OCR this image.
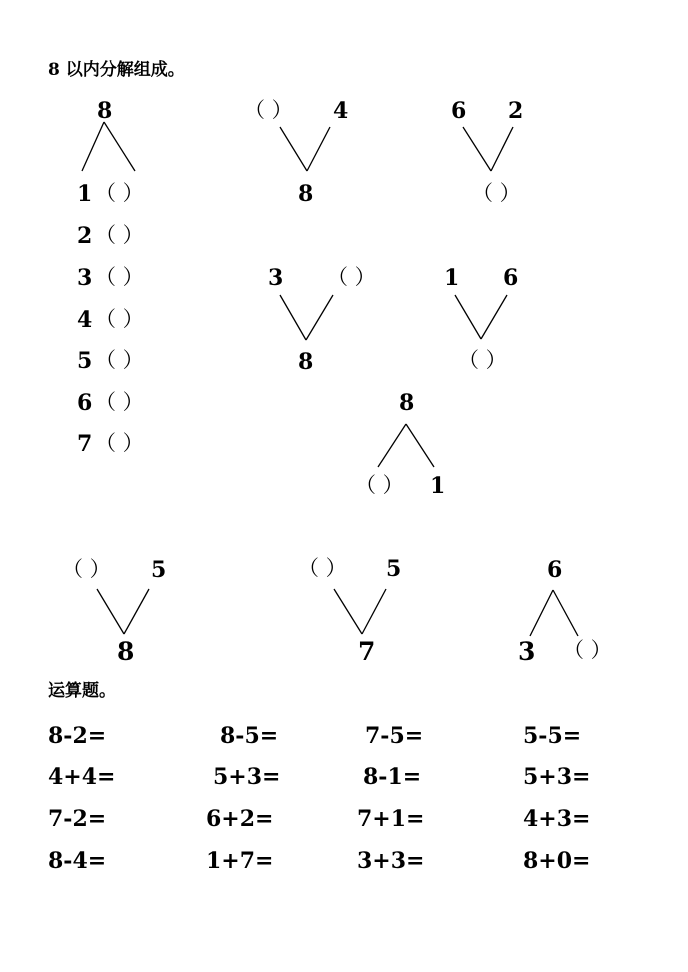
8 以内分解组成。
8
1 （ ）
2 （ ）
3 （ ）
4 （ ）
5 （ ）
6 （ ）
7 （ ）
（ ） 4
8
6 2
（ ）
3 （ ）
8
1 6
（ ）
8
（ ） 1
（ ） 5
8
（ ） 5
7
6
3 （ ）
运算题。
8-2=	8-5=	7-5=	5-5=
4+4=	5+3=	8-1=	5+3=
7-2=	6+2=	7+1=	4+3=
8-4=	1+7=	3+3=	8+0=
